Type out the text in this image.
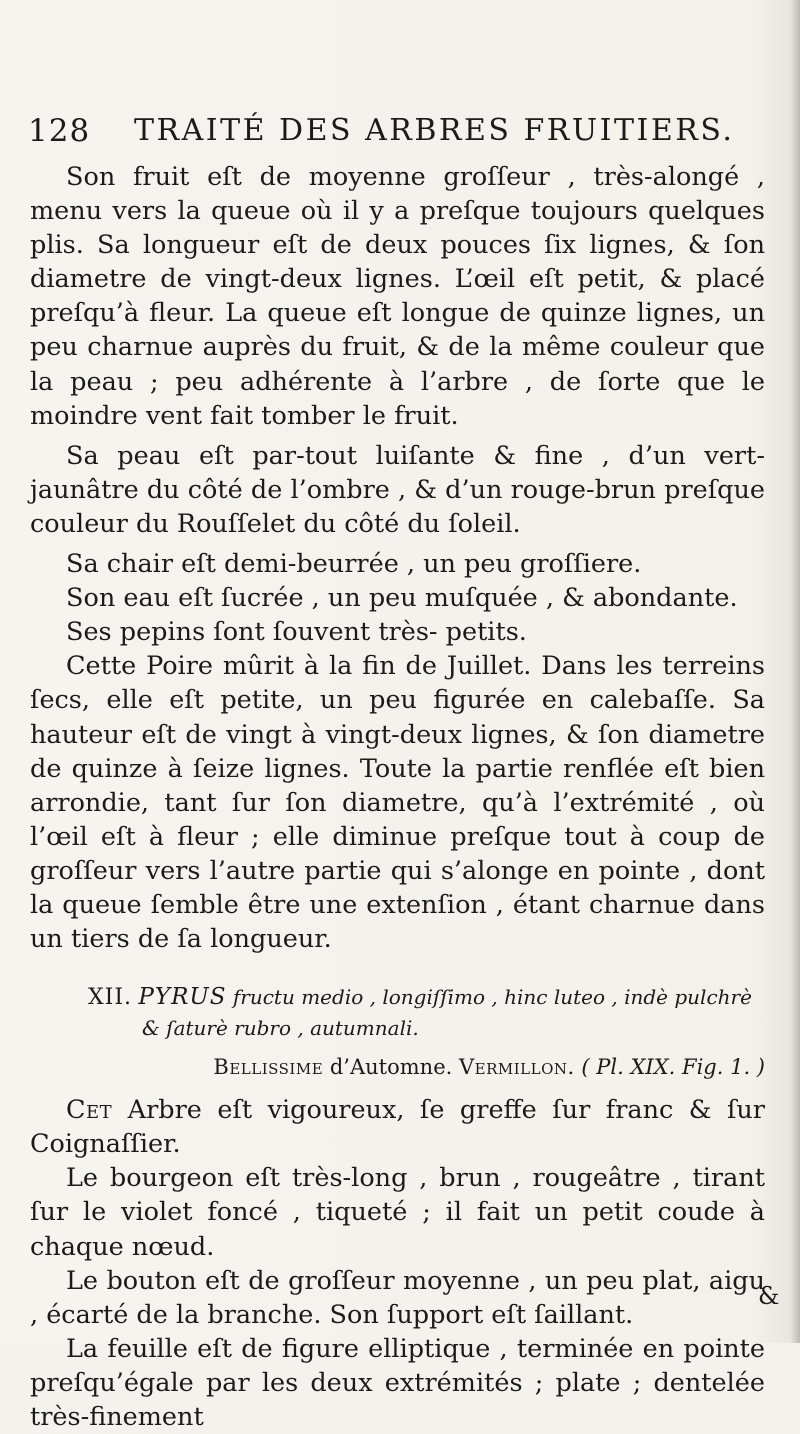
128 TRAITÉ DES ARBRES FRUITIERS.

Son fruit eſt de moyenne groſſeur , très-alongé , menu vers la queue où il y a preſque toujours quelques plis. Sa longueur eſt de deux pouces ſix lignes, & ſon diametre de vingt-deux lignes. L’œil eſt petit, & placé preſqu’à fleur. La queue eſt longue de quinze lignes, un peu charnue auprès du fruit, & de la même couleur que la peau ; peu adhérente à l’arbre , de ſorte que le moindre vent fait tomber le fruit.

Sa peau eſt par-tout luiſante & fine , d’un vert-jaunâtre du côté de l’ombre , & d’un rouge-brun preſque couleur du Rouſſelet du côté du ſoleil.

Sa chair eſt demi-beurrée , un peu groſſiere.

Son eau eſt ſucrée , un peu muſquée , & abondante.

Ses pepins ſont ſouvent très- petits.

Cette Poire mûrit à la fin de Juillet. Dans les terreins ſecs, elle eſt petite, un peu figurée en calebaſſe. Sa hauteur eſt de vingt à vingt-deux lignes, & ſon diametre de quinze à ſeize lignes. Toute la partie renflée eſt bien arrondie, tant ſur ſon diametre, qu’à l’extrémité , où l’œil eſt à fleur ; elle diminue preſque tout à coup de groſſeur vers l’autre partie qui s’alonge en pointe , dont la queue ſemble être une extenſion , étant charnue dans un tiers de ſa longueur.

XII. PYRUS fructu medio , longiſſimo , hinc luteo , indè pulchrè & ſaturè rubro , autumnali.

Bellissime d’Automne. Vermillon. ( Pl. XIX. Fig. 1. )

Cet Arbre eſt vigoureux, ſe greffe ſur franc & ſur Coignaſſier.

Le bourgeon eſt très-long , brun , rougeâtre , tirant ſur le violet foncé , tiqueté ; il fait un petit coude à chaque nœud.

Le bouton eſt de groſſeur moyenne , un peu plat, aigu , écarté de la branche. Son ſupport eſt ſaillant.

La feuille eſt de figure elliptique , terminée en pointe preſqu’égale par les deux extrémités ; plate ; dentelée très-finement

&
